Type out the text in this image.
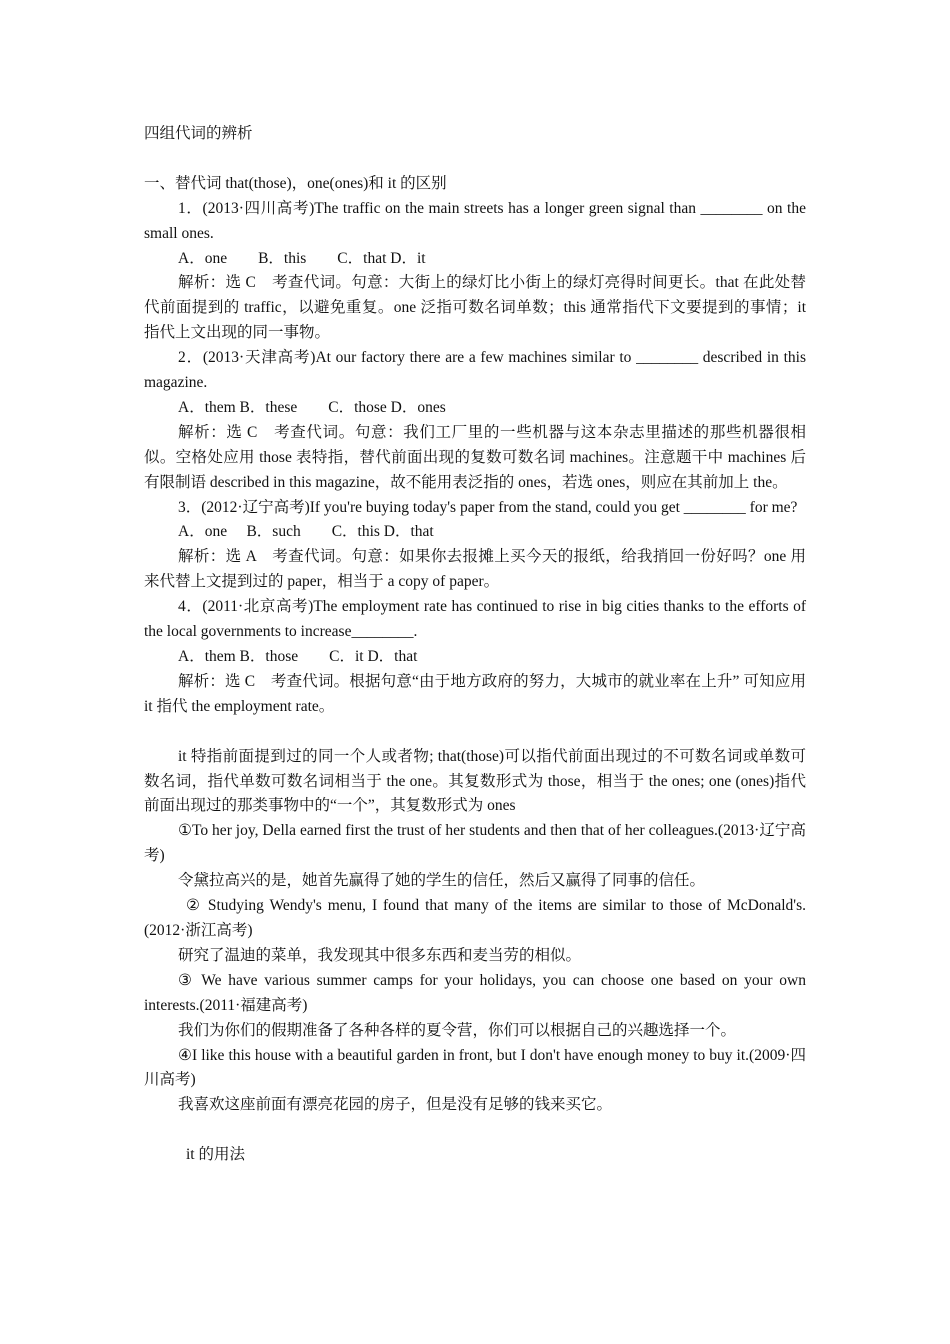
四组代词的辨析

一、替代词 that(those)，one(ones)和 it 的区别

1．(2013·四川高考)The traffic on the main streets has a longer green signal than ________ on the small ones.

A．one　　B．this　　C．that D．it

解析：选 C　考查代词。句意：大街上的绿灯比小街上的绿灯亮得时间更长。that 在此处替代前面提到的 traffic，以避免重复。one 泛指可数名词单数；this 通常指代下文要提到的事情；it 指代上文出现的同一事物。

2．(2013·天津高考)At our factory there are a few machines similar to ________ described in this magazine.

A．them B．these　　C．those D．ones

解析：选 C　考查代词。句意：我们工厂里的一些机器与这本杂志里描述的那些机器很相似。空格处应用 those 表特指，替代前面出现的复数可数名词 machines。注意题干中 machines 后有限制语 described in this magazine，故不能用表泛指的 ones，若选 ones，则应在其前加上 the。

3．(2012·辽宁高考)If you're buying today's paper from the stand, could you get ________ for me?

A．one　 B．such　　C．this D．that

解析：选 A　考查代词。句意：如果你去报摊上买今天的报纸，给我捎回一份好吗？one 用来代替上文提到过的 paper，相当于 a copy of paper。

4．(2011·北京高考)The employment rate has continued to rise in big cities thanks to the efforts of the local governments to increase________.

A．them B．those　　C．it D．that

解析：选 C　考查代词。根据句意“由于地方政府的努力，大城市的就业率在上升” 可知应用 it 指代 the employment rate。

it 特指前面提到过的同一个人或者物; that(those)可以指代前面出现过的不可数名词或单数可数名词，指代单数可数名词相当于 the one。其复数形式为 those，相当于 the ones; one (ones)指代前面出现过的那类事物中的“一个”，其复数形式为 ones

①To her joy, Della earned first the trust of her students and then that of her colleagues.(2013·辽宁高考)

令黛拉高兴的是，她首先赢得了她的学生的信任，然后又赢得了同事的信任。

② Studying Wendy's menu, I found that many of the items are similar to those of McDonald's.(2012·浙江高考)

研究了温迪的菜单，我发现其中很多东西和麦当劳的相似。

③ We have various summer camps for your holidays, you can choose one based on your own interests.(2011·福建高考)

我们为你们的假期准备了各种各样的夏令营，你们可以根据自己的兴趣选择一个。

④I like this house with a beautiful garden in front, but I don't have enough money to buy it.(2009·四川高考)

我喜欢这座前面有漂亮花园的房子，但是没有足够的钱来买它。

it 的用法
